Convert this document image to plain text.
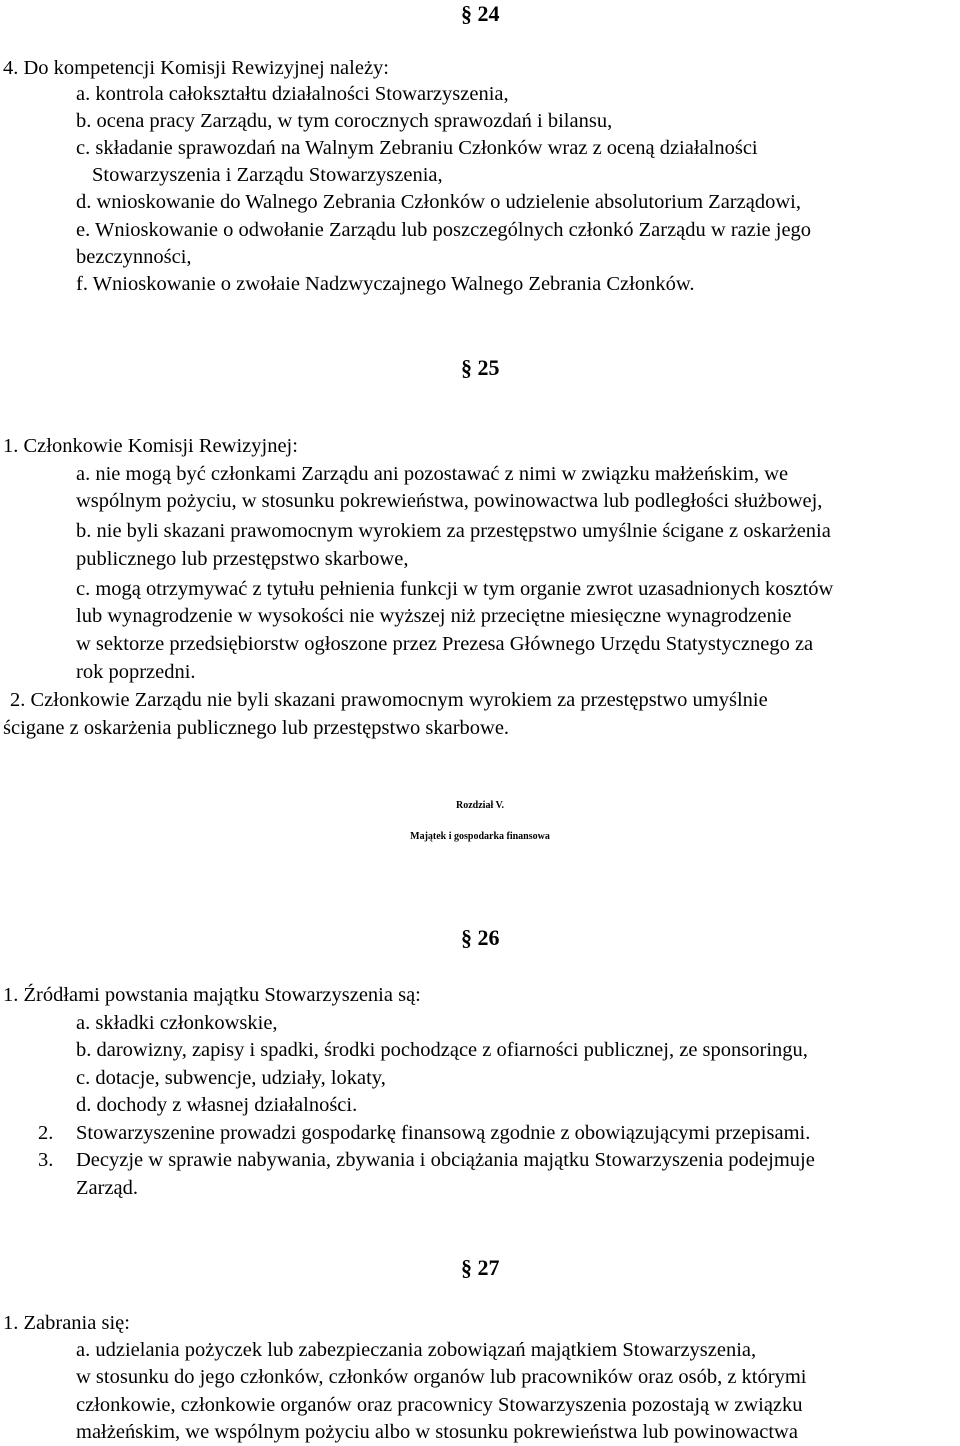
§ 24
4. Do kompetencji Komisji Rewizyjnej należy:
a. kontrola całokształtu działalności Stowarzyszenia,
b. ocena pracy Zarządu, w tym corocznych sprawozdań i bilansu,
c. składanie sprawozdań na Walnym Zebraniu Członków wraz z oceną działalności
Stowarzyszenia i Zarządu Stowarzyszenia,
d. wnioskowanie do Walnego Zebrania Członków o udzielenie absolutorium Zarządowi,
e. Wnioskowanie o odwołanie Zarządu lub poszczególnych członkó Zarządu w razie jego
bezczynności,
f. Wnioskowanie o zwołaie Nadzwyczajnego Walnego Zebrania Członków.
§ 25
1. Członkowie Komisji Rewizyjnej:
a. nie mogą być członkami Zarządu ani pozostawać z nimi w związku małżeńskim, we
wspólnym pożyciu, w stosunku pokrewieństwa, powinowactwa lub podległości służbowej,
b. nie byli skazani prawomocnym wyrokiem za przestępstwo umyślnie ścigane z oskarżenia
publicznego lub przestępstwo skarbowe,
c. mogą otrzymywać z tytułu pełnienia funkcji w tym organie zwrot uzasadnionych kosztów
lub wynagrodzenie w wysokości nie wyższej niż przeciętne miesięczne wynagrodzenie
w sektorze przedsiębiorstw ogłoszone przez Prezesa Głównego Urzędu Statystycznego za
rok poprzedni.
2. Członkowie Zarządu nie byli skazani prawomocnym wyrokiem za przestępstwo umyślnie
ścigane z oskarżenia publicznego lub przestępstwo skarbowe.
Rozdział V.
Majątek i gospodarka finansowa
§ 26
1. Źródłami powstania majątku Stowarzyszenia są:
a. składki członkowskie,
b. darowizny, zapisy i spadki, środki pochodzące z ofiarności publicznej, ze sponsoringu,
c. dotacje, subwencje, udziały, lokaty,
d. dochody z własnej działalności.
2. Stowarzyszenine prowadzi gospodarkę finansową zgodnie z obowiązującymi przepisami.
3. Decyzje w sprawie nabywania, zbywania i obciążania majątku Stowarzyszenia podejmuje
Zarząd.
§ 27
1. Zabrania się:
a. udzielania pożyczek lub zabezpieczania zobowiązań majątkiem Stowarzyszenia,
w stosunku do jego członków, członków organów lub pracowników oraz osób, z którymi
członkowie, członkowie organów oraz pracownicy Stowarzyszenia pozostają w związku
małżeńskim, we wspólnym pożyciu albo w stosunku pokrewieństwa lub powinowactwa
